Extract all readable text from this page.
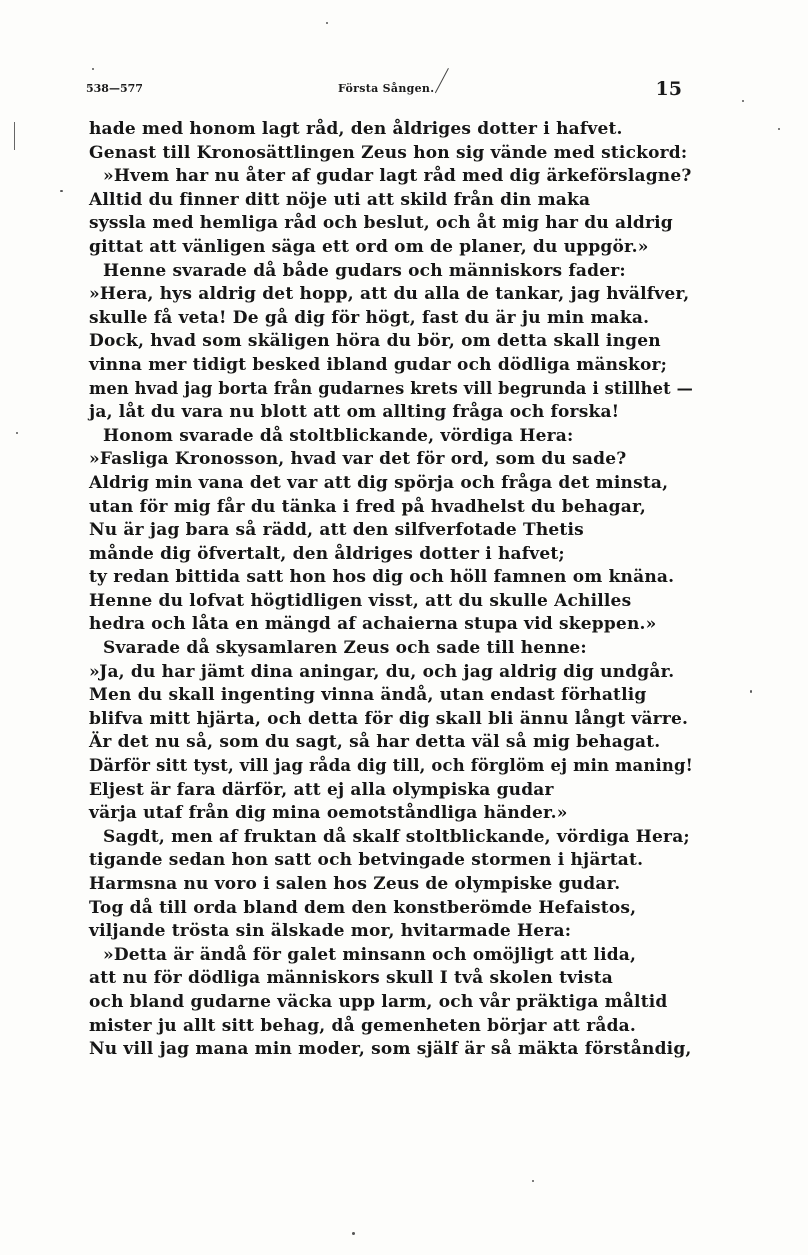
538—577	Första Sången.	15
hade med honom lagt råd, den åldriges dotter i hafvet.
Genast till Kronosättlingen Zeus hon sig vände med stickord:
»Hvem har nu åter af gudar lagt råd med dig ärkeförslagne?
Alltid du finner ditt nöje uti att skild från din maka
syssla med hemliga råd och beslut, och åt mig har du aldrig
gittat att vänligen säga ett ord om de planer, du uppgör.»
Henne svarade då både gudars och människors fader:
»Hera, hys aldrig det hopp, att du alla de tankar, jag hvälfver,
skulle få veta! De gå dig för högt, fast du är ju min maka.
Dock, hvad som skäligen höra du bör, om detta skall ingen
vinna mer tidigt besked ibland gudar och dödliga mänskor;
men hvad jag borta från gudarnes krets vill begrunda i stillhet —
ja, låt du vara nu blott att om allting fråga och forska!
Honom svarade då stoltblickande, vördiga Hera:
»Fasliga Kronosson, hvad var det för ord, som du sade?
Aldrig min vana det var att dig spörja och fråga det minsta,
utan för mig får du tänka i fred på hvadhelst du behagar,
Nu är jag bara så rädd, att den silfverfotade Thetis
månde dig öfvertalt, den åldriges dotter i hafvet;
ty redan bittida satt hon hos dig och höll famnen om knäna.
Henne du lofvat högtidligen visst, att du skulle Achilles
hedra och låta en mängd af achaierna stupa vid skeppen.»
Svarade då skysamlaren Zeus och sade till henne:
»Ja, du har jämt dina aningar, du, och jag aldrig dig undgår.
Men du skall ingenting vinna ändå, utan endast förhatlig
blifva mitt hjärta, och detta för dig skall bli ännu långt värre.
Är det nu så, som du sagt, så har detta väl så mig behagat.
Därför sitt tyst, vill jag råda dig till, och förglöm ej min maning!
Eljest är fara därför, att ej alla olympiska gudar
värja utaf från dig mina oemotståndliga händer.»
Sagdt, men af fruktan då skalf stoltblickande, vördiga Hera;
tigande sedan hon satt och betvingade stormen i hjärtat.
Harmsna nu voro i salen hos Zeus de olympiske gudar.
Tog då till orda bland dem den konstberömde Hefaistos,
viljande trösta sin älskade mor, hvitarmade Hera:
»Detta är ändå för galet minsann och omöjligt att lida,
att nu för dödliga människors skull I två skolen tvista
och bland gudarne väcka upp larm, och vår präktiga måltid
mister ju allt sitt behag, då gemenheten börjar att råda.
Nu vill jag mana min moder, som själf är så mäkta förståndig,
